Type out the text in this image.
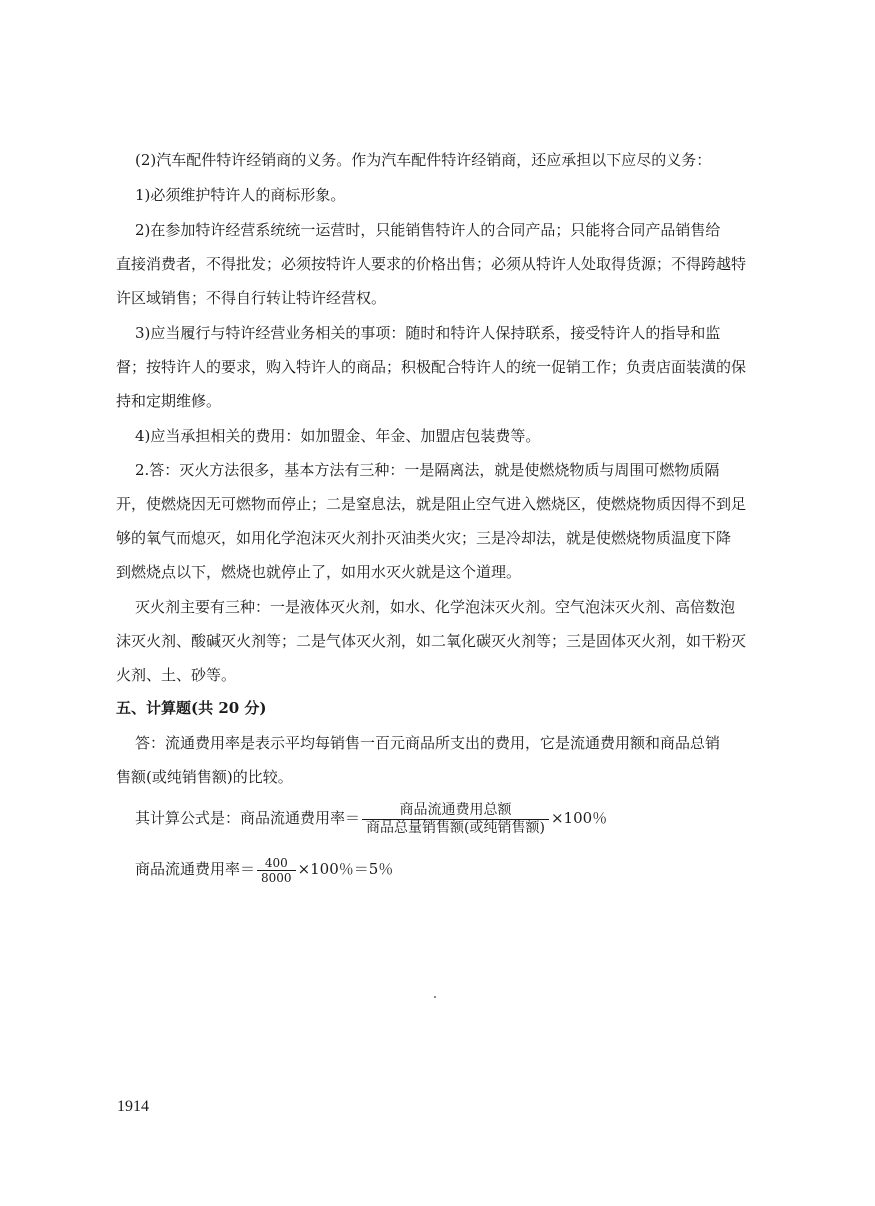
(2)汽车配件特许经销商的义务。作为汽车配件特许经销商，还应承担以下应尽的义务：
1)必须维护特许人的商标形象。
2)在参加特许经营系统统一运营时，只能销售特许人的合同产品；只能将合同产品销售给
直接消费者，不得批发；必须按特许人要求的价格出售；必须从特许人处取得货源；不得跨越特
许区域销售；不得自行转让特许经营权。
3)应当履行与特许经营业务相关的事项：随时和特许人保持联系，接受特许人的指导和监
督；按特许人的要求，购入特许人的商品；积极配合特许人的统一促销工作；负责店面装潢的保
持和定期维修。
4)应当承担相关的费用：如加盟金、年金、加盟店包装费等。
2.答：灭火方法很多，基本方法有三种：一是隔离法，就是使燃烧物质与周围可燃物质隔
开，使燃烧因无可燃物而停止；二是窒息法，就是阻止空气进入燃烧区，使燃烧物质因得不到足
够的氧气而熄灭，如用化学泡沫灭火剂扑灭油类火灾；三是冷却法，就是使燃烧物质温度下降
到燃烧点以下，燃烧也就停止了，如用水灭火就是这个道理。
灭火剂主要有三种：一是液体灭火剂，如水、化学泡沫灭火剂。空气泡沫灭火剂、高倍数泡
沫灭火剂、酸碱灭火剂等；二是气体灭火剂，如二氧化碳灭火剂等；三是固体灭火剂，如干粉灭
火剂、土、砂等。
五、计算题(共 20 分)
答：流通费用率是表示平均每销售一百元商品所支出的费用，它是流通费用额和商品总销
售额(或纯销售额)的比较。
其计算公式是：商品流通费用率＝ $\frac{\text{商品流通费用总额}}{\text{商品总量销售额(或纯销售额)}} \times 100$％
商品流通费用率＝ $\frac{400}{8000} \times 100$％＝5％
1914
